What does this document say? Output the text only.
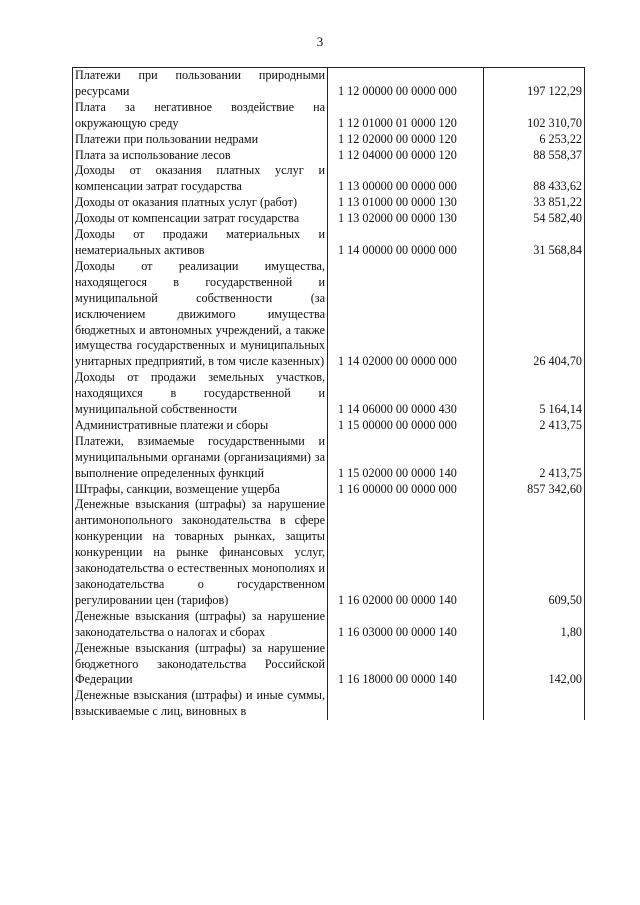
3
Платежи при пользовании природными ресурсами	1 12 00000 00 0000 000	197 122,29
Плата за негативное воздействие на окружающую среду	1 12 01000 01 0000 120	102 310,70
Платежи при пользовании недрами	1 12 02000 00 0000 120	6 253,22
Плата за использование лесов	1 12 04000 00 0000 120	88 558,37
Доходы от оказания платных услуг и компенсации затрат государства	1 13 00000 00 0000 000	88 433,62
Доходы от оказания платных услуг (работ)	1 13 01000 00 0000 130	33 851,22
Доходы от компенсации затрат государства	1 13 02000 00 0000 130	54 582,40
Доходы от продажи материальных и нематериальных активов	1 14 00000 00 0000 000	31 568,84
Доходы от реализации имущества, находящегося в государственной и муниципальной собственности (за исключением движимого имущества бюджетных и автономных учреждений, а также имущества государственных и муниципальных унитарных предприятий, в том числе казенных)	1 14 02000 00 0000 000	26 404,70
Доходы от продажи земельных участков, находящихся в государственной и муниципальной собственности	1 14 06000 00 0000 430	5 164,14
Административные платежи и сборы	1 15 00000 00 0000 000	2 413,75
Платежи, взимаемые государственными и муниципальными органами (организациями) за выполнение определенных функций	1 15 02000 00 0000 140	2 413,75
Штрафы, санкции, возмещение ущерба	1 16 00000 00 0000 000	857 342,60
Денежные взыскания (штрафы) за нарушение антимонопольного законодательства в сфере конкуренции на товарных рынках, защиты конкуренции на рынке финансовых услуг, законодательства о естественных монополиях и законодательства о государственном регулировании цен (тарифов)	1 16 02000 00 0000 140	609,50
Денежные взыскания (штрафы) за нарушение законодательства о налогах и сборах	1 16 03000 00 0000 140	1,80
Денежные взыскания (штрафы) за нарушение бюджетного законодательства Российской Федерации	1 16 18000 00 0000 140	142,00
Денежные взыскания (штрафы) и иные суммы, взыскиваемые с лиц, виновных в		
